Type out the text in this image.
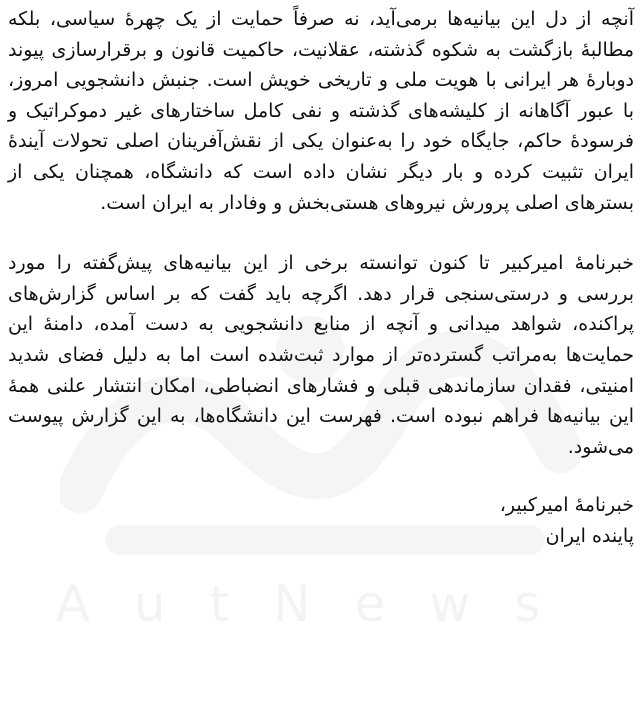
آنچه از دل این بیانیه‌ها برمی‌آید، نه صرفاً حمایت از یک چهرهٔ سیاسی، بلکه مطالبهٔ بازگشت به شکوه گذشته، عقلانیت، حاکمیت قانون و برقرارسازی پیوند دوبارهٔ هر ایرانی با هویت ملی و تاریخی خویش است. جنبش دانشجویی امروز، با عبور آگاهانه از کلیشه‌های گذشته و نفی کامل ساختارهای غیر دموکراتیک و فرسودهٔ حاکم، جایگاه خود را به‌عنوان یکی از نقش‌آفرینان اصلی تحولات آیندهٔ ایران تثبیت کرده و بار دیگر نشان داده است که دانشگاه، همچنان یکی از بسترهای اصلی پرورش نیروهای هستی‌بخش و وفادار به ایران است.

خبرنامهٔ امیرکبیر تا کنون توانسته برخی از این بیانیه‌های پیش‌گفته را مورد بررسی و درستی‌سنجی قرار دهد. اگرچه باید گفت که بر اساس گزارش‌های پراکنده، شواهد میدانی و آنچه از منابع دانشجویی به دست آمده، دامنهٔ این حمایت‌ها به‌مراتب گسترده‌تر از موارد ثبت‌شده است اما به دلیل فضای شدید امنیتی، فقدان سازماندهی قبلی و فشارهای انضباطی، امکان انتشار علنی همهٔ این بیانیه‌ها فراهم نبوده است. فهرست این دانشگاه‌ها، به این گزارش پیوست می‌شود.

خبرنامهٔ امیرکبیر،
پاینده ایران
